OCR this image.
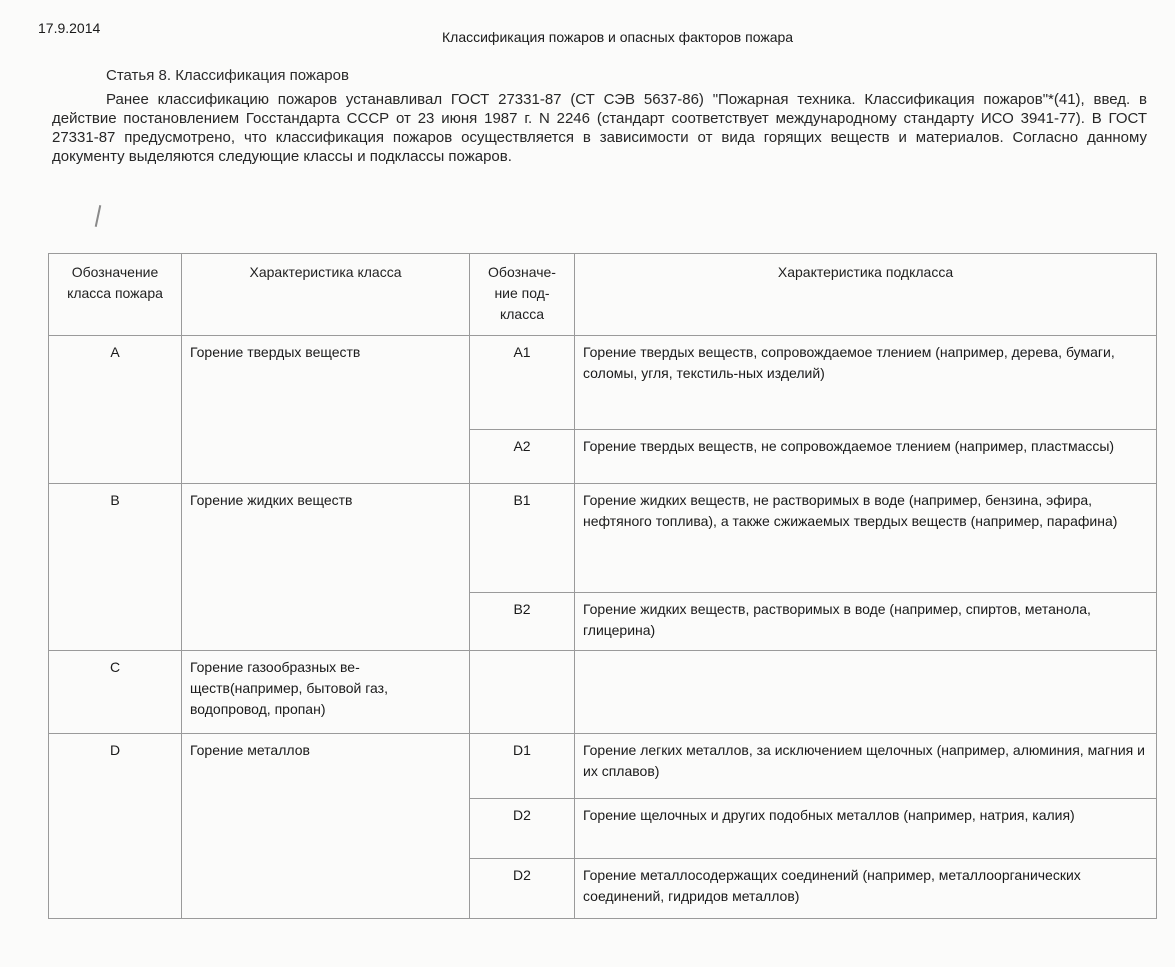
17.9.2014
Классификация пожаров и опасных факторов пожара
Статья 8. Классификация пожаров

Ранее классификацию пожаров устанавливал ГОСТ 27331-87 (СТ СЭВ 5637-86) "Пожарная техника. Классификация пожаров"*(41), введ. в действие постановлением Госстандарта СССР от 23 июня 1987 г. N 2246 (стандарт соответствует международному стандарту ИСО 3941-77). В ГОСТ 27331-87 предусмотрено, что классификация пожаров осуществляется в зависимости от вида горящих веществ и материалов. Согласно данному документу выделяются следующие классы и подклассы пожаров.

Обозначение класса пожара	Характеристика класса	Обозначе-ние под-класса	Характеристика подкласса
A	Горение твердых веществ	A1	Горение твердых веществ, сопровождаемое тлением (например, дерева, бумаги, соломы, угля, текстиль-ных изделий)
		A2	Горение твердых веществ, не сопровождаемое тлением (например, пластмассы)
B	Горение жидких веществ	B1	Горение жидких веществ, не растворимых в воде (например, бензина, эфира, нефтяного топлива), а также сжижаемых твердых веществ (например, парафина)
		B2	Горение жидких веществ, растворимых в воде (например, спиртов, метанола, глицерина)
C	Горение газообразных ве-ществ(например, бытовой газ, водопровод, пропан)		
D	Горение металлов	D1	Горение легких металлов, за исключением щелочных (например, алюминия, магния и их сплавов)
		D2	Горение щелочных и других подобных металлов (например, натрия, калия)
		D2	Горение металлосодержащих соединений (например, металлоорганических соединений, гидридов металлов)
